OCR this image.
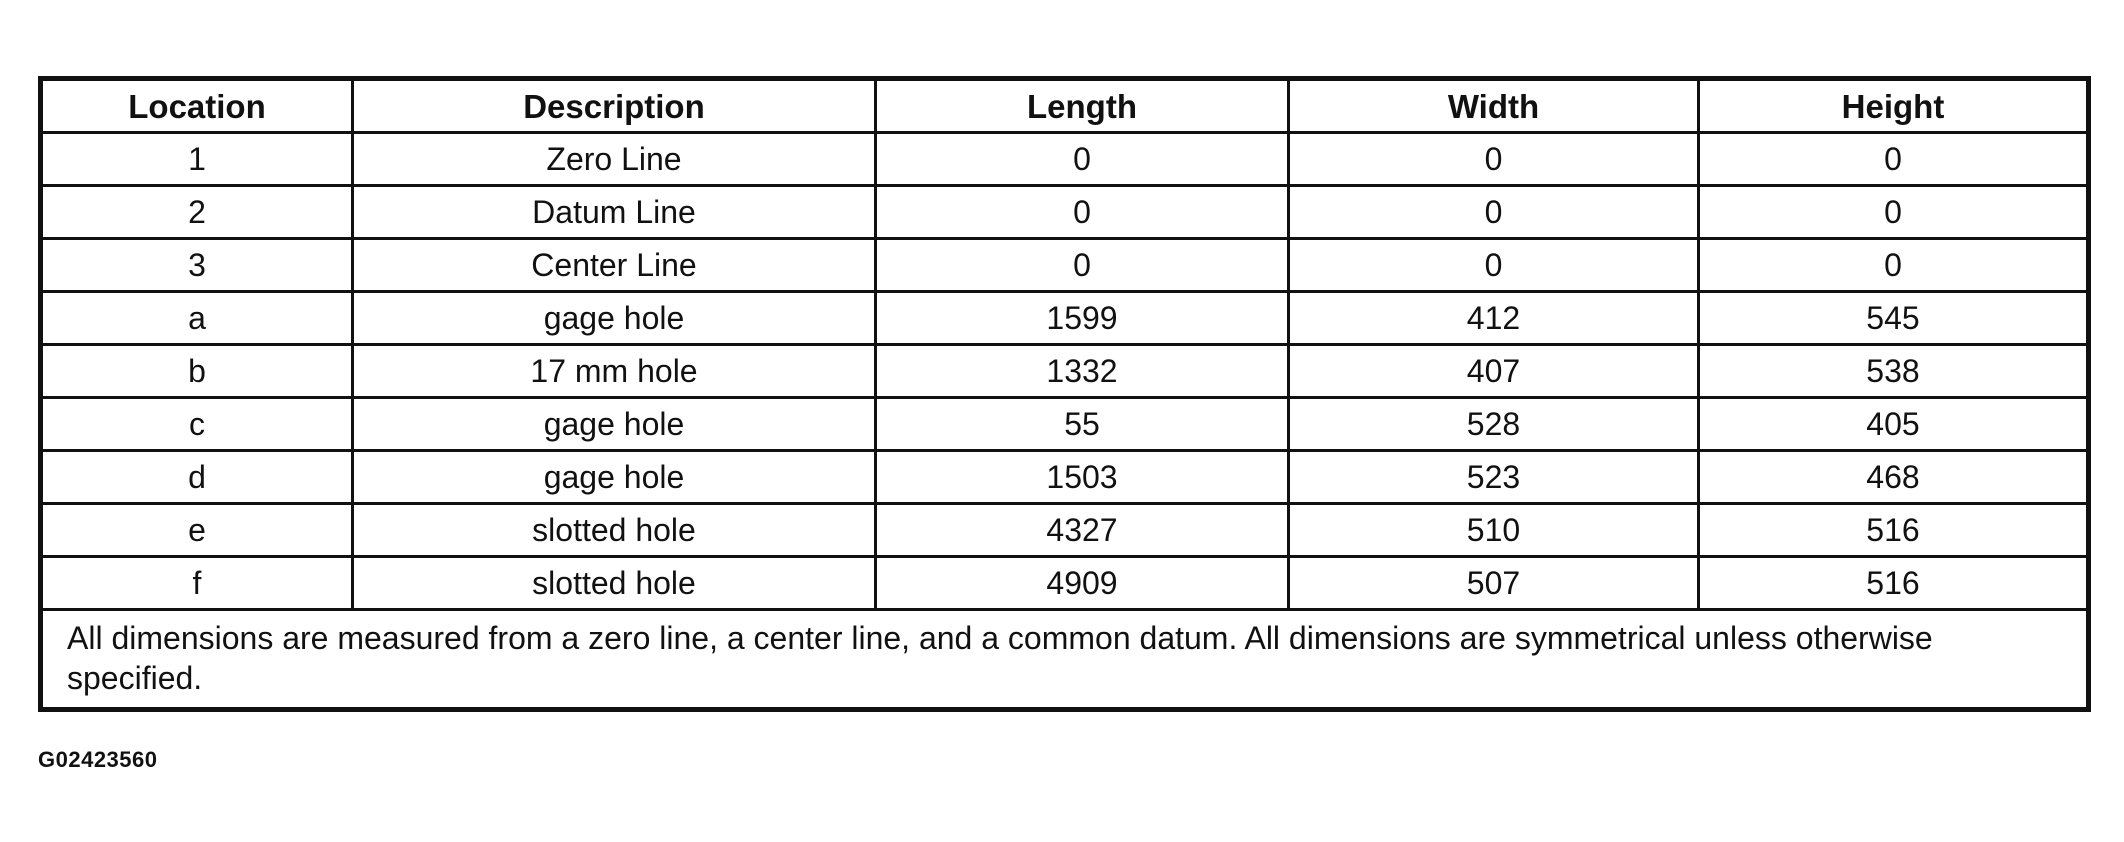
Location	Description	Length	Width	Height
1	Zero Line	0	0	0
2	Datum Line	0	0	0
3	Center Line	0	0	0
a	gage hole	1599	412	545
b	17 mm hole	1332	407	538
c	gage hole	55	528	405
d	gage hole	1503	523	468
e	slotted hole	4327	510	516
f	slotted hole	4909	507	516
All dimensions are measured from a zero line, a center line, and a common datum. All dimensions are symmetrical unless otherwise specified.				
G02423560
